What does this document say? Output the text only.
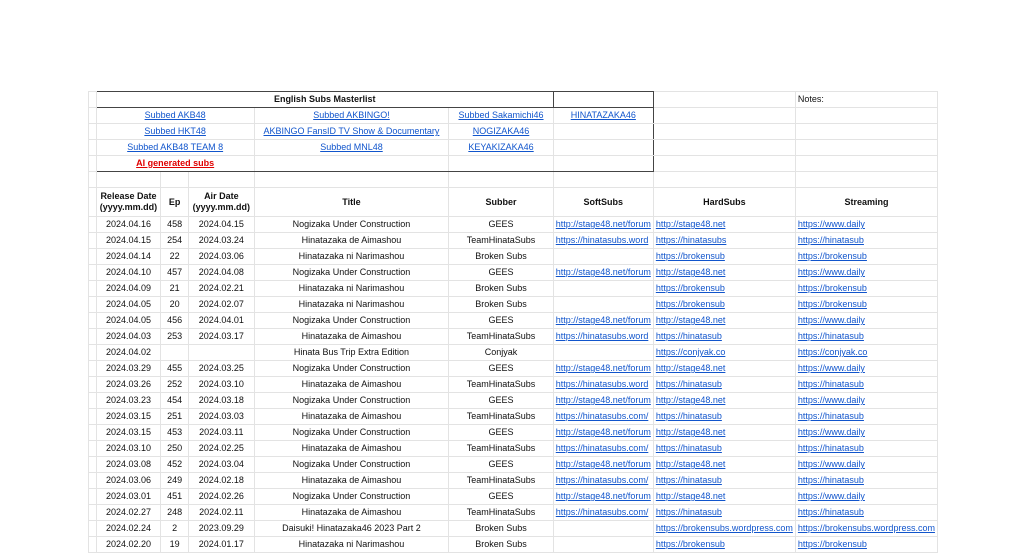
	English Subs Masterlist							Notes:
	Subbed AKB48			Subbed AKBINGO!	Subbed Sakamichi46	HINATAZAKA46		
	Subbed HKT48			AKBINGO FansID TV Show & Documentary	NOGIZAKA46			
	Subbed AKB48 TEAM 8			Subbed MNL48	KEYAKIZAKA46			
	AI generated subs							

	Release Date (yyyy.mm.dd)	Ep	Air Date (yyyy.mm.dd)	Title	Subber	SoftSubs	HardSubs	Streaming
	2024.04.16	458	2024.04.15	Nogizaka Under Construction	GEES	http://stage48.net/forum	http://stage48.net	https://www.daily
	2024.04.15	254	2024.03.24	Hinatazaka de Aimashou	TeamHinataSubs	https://hinatasubs.word	https://hinatasubs	https://hinatasub
	2024.04.14	22	2024.03.06	Hinatazaka ni Narimashou	Broken Subs		https://brokensub	https://brokensub
	2024.04.10	457	2024.04.08	Nogizaka Under Construction	GEES	http://stage48.net/forum	http://stage48.net	https://www.daily
	2024.04.09	21	2024.02.21	Hinatazaka ni Narimashou	Broken Subs		https://brokensub	https://brokensub
	2024.04.05	20	2024.02.07	Hinatazaka ni Narimashou	Broken Subs		https://brokensub	https://brokensub
	2024.04.05	456	2024.04.01	Nogizaka Under Construction	GEES	http://stage48.net/forum	http://stage48.net	https://www.daily
	2024.04.03	253	2024.03.17	Hinatazaka de Aimashou	TeamHinataSubs	https://hinatasubs.word	https://hinatasub	https://hinatasub
	2024.04.02			Hinata Bus Trip Extra Edition	Conjyak		https://conjyak.co	https://conjyak.co
	2024.03.29	455	2024.03.25	Nogizaka Under Construction	GEES	http://stage48.net/forum	http://stage48.net	https://www.daily
	2024.03.26	252	2024.03.10	Hinatazaka de Aimashou	TeamHinataSubs	https://hinatasubs.word	https://hinatasub	https://hinatasub
	2024.03.23	454	2024.03.18	Nogizaka Under Construction	GEES	http://stage48.net/forum	http://stage48.net	https://www.daily
	2024.03.15	251	2024.03.03	Hinatazaka de Aimashou	TeamHinataSubs	https://hinatasubs.com/	https://hinatasub	https://hinatasub
	2024.03.15	453	2024.03.11	Nogizaka Under Construction	GEES	http://stage48.net/forum	http://stage48.net	https://www.daily
	2024.03.10	250	2024.02.25	Hinatazaka de Aimashou	TeamHinataSubs	https://hinatasubs.com/	https://hinatasub	https://hinatasub
	2024.03.08	452	2024.03.04	Nogizaka Under Construction	GEES	http://stage48.net/forum	http://stage48.net	https://www.daily
	2024.03.06	249	2024.02.18	Hinatazaka de Aimashou	TeamHinataSubs	https://hinatasubs.com/	https://hinatasub	https://hinatasub
	2024.03.01	451	2024.02.26	Nogizaka Under Construction	GEES	http://stage48.net/forum	http://stage48.net	https://www.daily
	2024.02.27	248	2024.02.11	Hinatazaka de Aimashou	TeamHinataSubs	https://hinatasubs.com/	https://hinatasub	https://hinatasub
	2024.02.24	2	2023.09.29	Daisuki! Hinatazaka46 2023 Part 2	Broken Subs		https://brokensubs.wordpress.com	https://brokensubs.wordpress.com
	2024.02.20	19	2024.01.17	Hinatazaka ni Narimashou	Broken Subs		https://brokensub	https://brokensub
